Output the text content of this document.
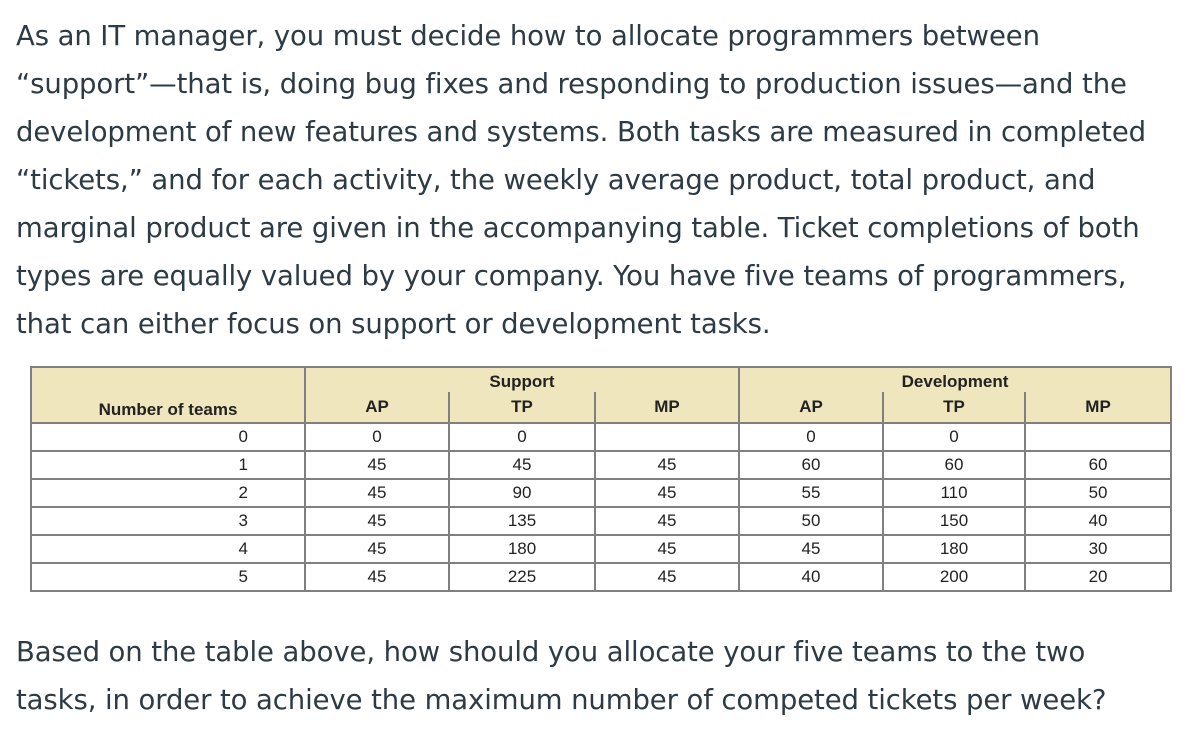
As an IT manager, you must decide how to allocate programmers between
“support”—that is, doing bug fixes and responding to production issues—and the
development of new features and systems. Both tasks are measured in completed
“tickets,” and for each activity, the weekly average product, total product, and
marginal product are given in the accompanying table. Ticket completions of both
types are equally valued by your company. You have five teams of programmers,
that can either focus on support or development tasks.
	Support			Development		
Number of teams	AP	TP	MP	AP	TP	MP
0	0	0		0	0	
1	45	45	45	60	60	60
2	45	90	45	55	110	50
3	45	135	45	50	150	40
4	45	180	45	45	180	30
5	45	225	45	40	200	20
Based on the table above, how should you allocate your five teams to the two
tasks, in order to achieve the maximum number of competed tickets per week?
